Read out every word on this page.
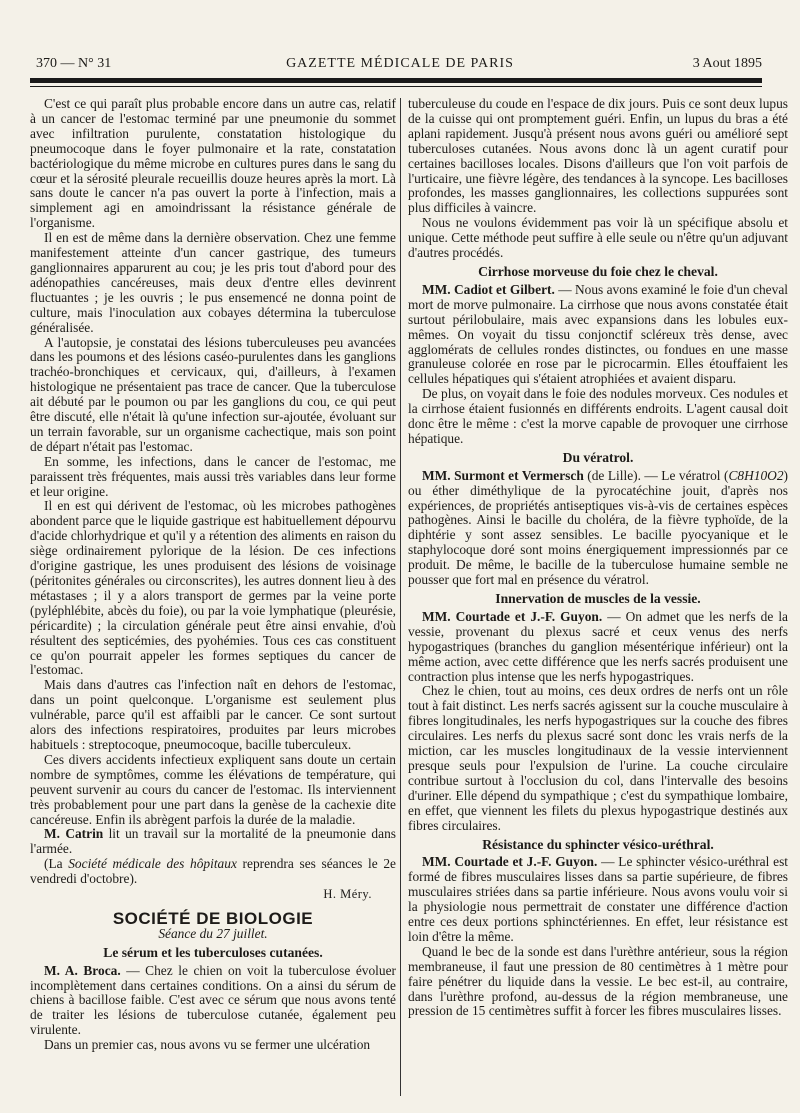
370 — N° 31	GAZETTE MÉDICALE DE PARIS	3 Aout 1895

C'est ce qui paraît plus probable encore dans un autre cas, relatif à un cancer de l'estomac terminé par une pneumonie du sommet avec infiltration purulente, constatation histologique du pneumocoque dans le foyer pulmonaire et la rate, constatation bactériologique du même microbe en cultures pures dans le sang du cœur et la sérosité pleurale recueillis douze heures après la mort. Là sans doute le cancer n'a pas ouvert la porte à l'infection, mais a simplement agi en amoindrissant la résistance générale de l'organisme.

Il en est de même dans la dernière observation. Chez une femme manifestement atteinte d'un cancer gastrique, des tumeurs ganglionnaires apparurent au cou; je les pris tout d'abord pour des adénopathies cancéreuses, mais deux d'entre elles devinrent fluctuantes ; je les ouvris ; le pus ensemencé ne donna point de culture, mais l'inoculation aux cobayes détermina la tuberculose généralisée.

A l'autopsie, je constatai des lésions tuberculeuses peu avancées dans les poumons et des lésions caséo-purulentes dans les ganglions trachéo-bronchiques et cervicaux, qui, d'ailleurs, à l'examen histologique ne présentaient pas trace de cancer. Que la tuberculose ait débuté par le poumon ou par les ganglions du cou, ce qui peut être discuté, elle n'était là qu'une infection sur-ajoutée, évoluant sur un terrain favorable, sur un organisme cachectique, mais son point de départ n'était pas l'estomac.

En somme, les infections, dans le cancer de l'estomac, me paraissent très fréquentes, mais aussi très variables dans leur forme et leur origine.

Il en est qui dérivent de l'estomac, où les microbes pathogènes abondent parce que le liquide gastrique est habituellement dépourvu d'acide chlorhydrique et qu'il y a rétention des aliments en raison du siège ordinairement pylorique de la lésion. De ces infections d'origine gastrique, les unes produisent des lésions de voisinage (péritonites générales ou circonscrites), les autres donnent lieu à des métastases ; il y a alors transport de germes par la veine porte (pyléphlébite, abcès du foie), ou par la voie lymphatique (pleurésie, péricardite) ; la circulation générale peut être ainsi envahie, d'où résultent des septicémies, des pyohémies. Tous ces cas constituent ce qu'on pourrait appeler les formes septiques du cancer de l'estomac.

Mais dans d'autres cas l'infection naît en dehors de l'estomac, dans un point quelconque. L'organisme est seulement plus vulnérable, parce qu'il est affaibli par le cancer. Ce sont surtout alors des infections respiratoires, produites par leurs microbes habituels : streptocoque, pneumocoque, bacille tuberculeux.

Ces divers accidents infectieux expliquent sans doute un certain nombre de symptômes, comme les élévations de température, qui peuvent survenir au cours du cancer de l'estomac. Ils interviennent très probablement pour une part dans la genèse de la cachexie dite cancéreuse. Enfin ils abrègent parfois la durée de la maladie.

M. Catrin lit un travail sur la mortalité de la pneumonie dans l'armée.

(La Société médicale des hôpitaux reprendra ses séances le 2e vendredi d'octobre).

H. Méry.
SOCIÉTÉ DE BIOLOGIE
Séance du 27 juillet.
Le sérum et les tuberculoses cutanées.

M. A. Broca. — Chez le chien on voit la tuberculose évoluer incomplètement dans certaines conditions. On a ainsi du sérum de chiens à bacillose faible. C'est avec ce sérum que nous avons tenté de traiter les lésions de tuberculose cutanée, également peu virulente.

Dans un premier cas, nous avons vu se fermer une ulcération

tuberculeuse du coude en l'espace de dix jours. Puis ce sont deux lupus de la cuisse qui ont promptement guéri. Enfin, un lupus du bras a été aplani rapidement. Jusqu'à présent nous avons guéri ou amélioré sept tuberculoses cutanées. Nous avons donc là un agent curatif pour certaines bacilloses locales. Disons d'ailleurs que l'on voit parfois de l'urticaire, une fièvre légère, des tendances à la syncope. Les bacilloses profondes, les masses ganglionnaires, les collections suppurées sont plus difficiles à vaincre.

Nous ne voulons évidemment pas voir là un spécifique absolu et unique. Cette méthode peut suffire à elle seule ou n'être qu'un adjuvant d'autres procédés.

Cirrhose morveuse du foie chez le cheval.

MM. Cadiot et Gilbert. — Nous avons examiné le foie d'un cheval mort de morve pulmonaire. La cirrhose que nous avons constatée était surtout périlobulaire, mais avec expansions dans les lobules eux-mêmes. On voyait du tissu conjonctif scléreux très dense, avec agglomérats de cellules rondes distinctes, ou fondues en une masse granuleuse colorée en rose par le picrocarmin. Elles étouffaient les cellules hépatiques qui s'étaient atrophiées et avaient disparu.

De plus, on voyait dans le foie des nodules morveux. Ces nodules et la cirrhose étaient fusionnés en différents endroits. L'agent causal doit donc être le même : c'est la morve capable de provoquer une cirrhose hépatique.

Du vératrol.

MM. Surmont et Vermersch (de Lille). — Le vératrol (C8H10O2) ou éther diméthylique de la pyrocatéchine jouit, d'après nos expériences, de propriétés antiseptiques vis-à-vis de certaines espèces pathogènes. Ainsi le bacille du choléra, de la fièvre typhoïde, de la diphtérie y sont assez sensibles. Le bacille pyocyanique et le staphylocoque doré sont moins énergiquement impressionnés par ce produit. De même, le bacille de la tuberculose humaine semble ne pousser que fort mal en présence du vératrol.

Innervation de muscles de la vessie.

MM. Courtade et J.-F. Guyon. — On admet que les nerfs de la vessie, provenant du plexus sacré et ceux venus des nerfs hypogastriques (branches du ganglion mésentérique inférieur) ont la même action, avec cette différence que les nerfs sacrés produisent une contraction plus intense que les nerfs hypogastriques.

Chez le chien, tout au moins, ces deux ordres de nerfs ont un rôle tout à fait distinct. Les nerfs sacrés agissent sur la couche musculaire à fibres longitudinales, les nerfs hypogastriques sur la couche des fibres circulaires. Les nerfs du plexus sacré sont donc les vrais nerfs de la miction, car les muscles longitudinaux de la vessie interviennent presque seuls pour l'expulsion de l'urine. La couche circulaire contribue surtout à l'occlusion du col, dans l'intervalle des besoins d'uriner. Elle dépend du sympathique ; c'est du sympathique lombaire, en effet, que viennent les filets du plexus hypogastrique destinés aux fibres circulaires.

Résistance du sphincter vésico-uréthral.

MM. Courtade et J.-F. Guyon. — Le sphincter vésico-uréthral est formé de fibres musculaires lisses dans sa partie supérieure, de fibres musculaires striées dans sa partie inférieure. Nous avons voulu voir si la physiologie nous permettrait de constater une différence d'action entre ces deux portions sphinctériennes. En effet, leur résistance est loin d'être la même.

Quand le bec de la sonde est dans l'urèthre antérieur, sous la région membraneuse, il faut une pression de 80 centimètres à 1 mètre pour faire pénétrer du liquide dans la vessie. Le bec est-il, au contraire, dans l'urèthre profond, au-dessus de la région membraneuse, une pression de 15 centimètres suffit à forcer les fibres musculaires lisses.
